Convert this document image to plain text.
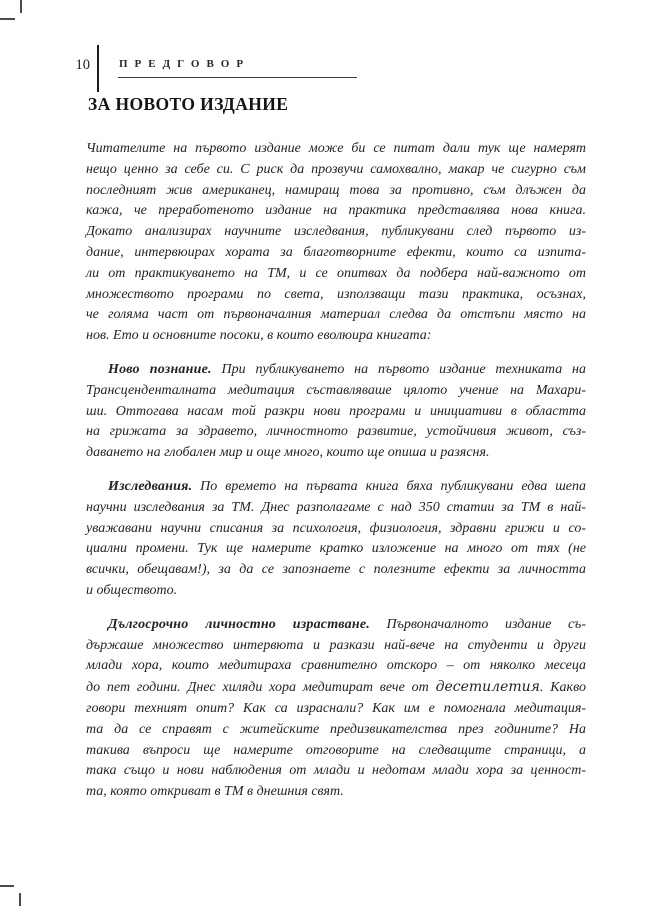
10	ПРЕДГОВОР
ЗА НОВОТО ИЗДАНИЕ
Читателите на първото издание може би се питат дали тук ще намерят
нещо ценно за себе си. С риск да прозвучи самохвално, макар че сигурно съм
последният жив американец, намиращ това за противно, съм длъжен да
кажа, че преработеното издание на практика представлява нова книга.
Докато анализирах научните изследвания, публикувани след първото из-
дание, интервюирах хората за благотворните ефекти, които са изпита-
ли от практикуването на ТМ, и се опитвах да подбера най-важното от
множеството програми по света, използващи тази практика, осъзнах,
че голяма част от първоначалния материал следва да отстъпи място на
нов. Ето и основните посоки, в които еволюира книгата:
Ново познание. При публикуването на първото издание техниката на
Трансценденталната медитация съставляваше цялото учение на Махари-
ши. Оттогава насам той разкри нови програми и инициативи в областта
на грижата за здравето, личностното развитие, устойчивия живот, съз-
даването на глобален мир и още много, които ще опиша и разясня.
Изследвания. По времето на първата книга бяха публикувани едва шепа
научни изследвания за ТМ. Днес разполагаме с над 350 статии за ТМ в най-
уважавани научни списания за психология, физиология, здравни грижи и со-
циални промени. Тук ще намерите кратко изложение на много от тях (не
всички, обещавам!), за да се запознаете с полезните ефекти за личността
и обществото.
Дългосрочно личностно израстване. Първоначалното издание съ-
държаше множество интервюта и разкази най-вече на студенти и други
млади хора, които медитираха сравнително отскоро – от няколко месеца
до пет години. Днес хиляди хора медитират вече от десетилетия. Какво
говори техният опит? Как са израснали? Как им е помогнала медитация-
та да се справят с житейските предизвикателства през годините? На
такива въпроси ще намерите отговорите на следващите страници, а
така също и нови наблюдения от млади и недотам млади хора за ценност-
та, която откриват в ТМ в днешния свят.
